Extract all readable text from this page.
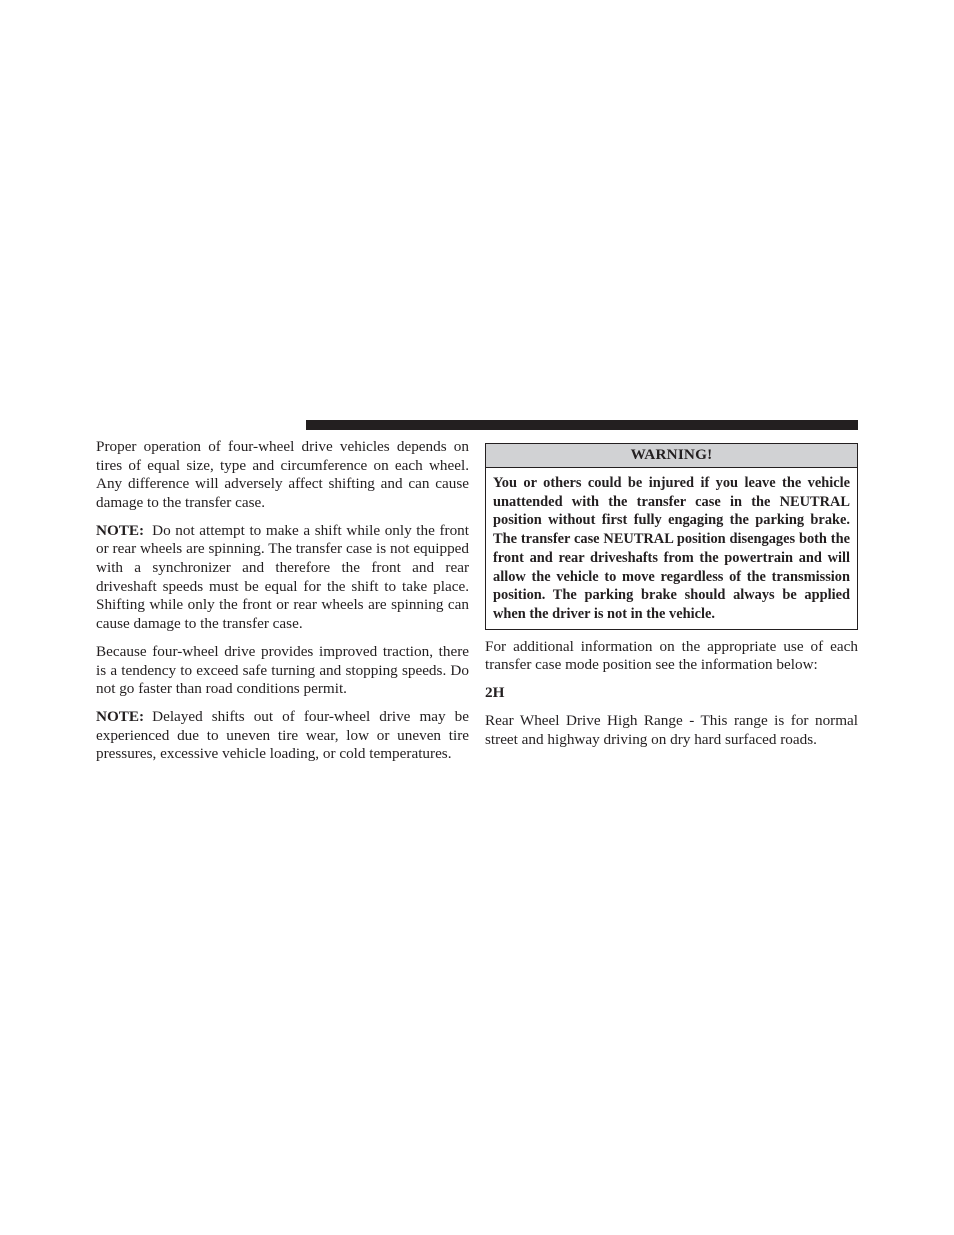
Proper operation of four-wheel drive vehicles depends on tires of equal size, type and circumference on each wheel. Any difference will adversely affect shifting and can cause damage to the transfer case.

NOTE: Do not attempt to make a shift while only the front or rear wheels are spinning. The transfer case is not equipped with a synchronizer and therefore the front and rear driveshaft speeds must be equal for the shift to take place. Shifting while only the front or rear wheels are spinning can cause damage to the transfer case.

Because four-wheel drive provides improved traction, there is a tendency to exceed safe turning and stopping speeds. Do not go faster than road conditions permit.

NOTE: Delayed shifts out of four-wheel drive may be experienced due to uneven tire wear, low or uneven tire pressures, excessive vehicle loading, or cold temperatures.

WARNING!
You or others could be injured if you leave the vehicle unattended with the transfer case in the NEUTRAL position without first fully engaging the parking brake. The transfer case NEUTRAL position disengages both the front and rear driveshafts from the powertrain and will allow the vehicle to move regardless of the transmission position. The parking brake should always be applied when the driver is not in the vehicle.

For additional information on the appropriate use of each transfer case mode position see the information below:

2H

Rear Wheel Drive High Range - This range is for normal street and highway driving on dry hard surfaced roads.
